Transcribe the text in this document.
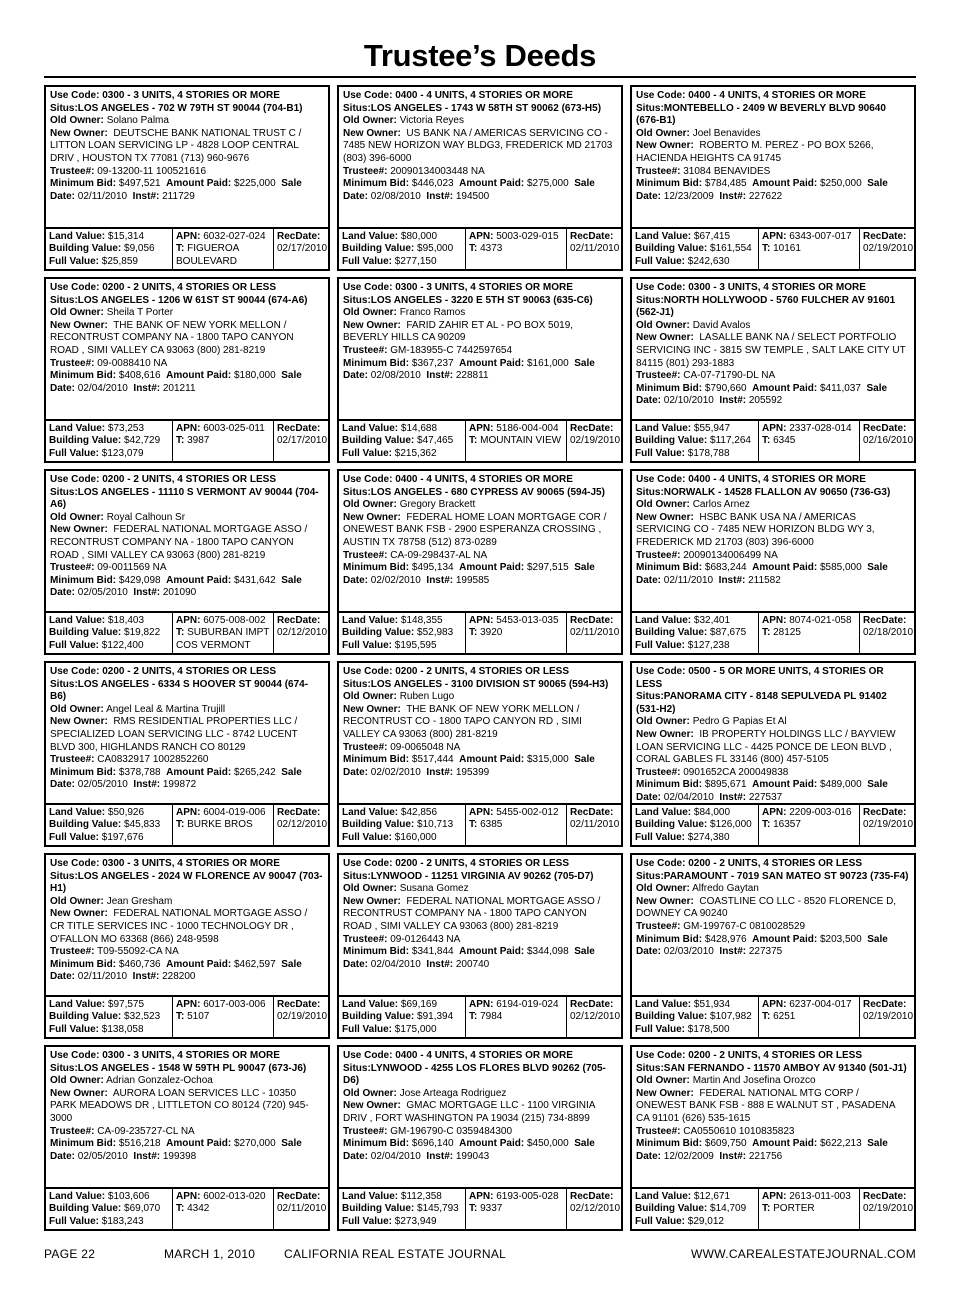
Trustee’s Deeds
Use Code: 0300 - 3 UNITS, 4 STORIES OR MORE
Situs:LOS ANGELES - 702 W 79TH ST 90044 (704-B1)
Old Owner: Solano Palma
New Owner: DEUTSCHE BANK NATIONAL TRUST C / LITTON LOAN SERVICING LP - 4828 LOOP CENTRAL DRIV , HOUSTON TX 77081 (713) 960-9676
Trustee#: 09-13200-11 100521616
Minimum Bid: $497,521 Amount Paid: $225,000 Sale Date: 02/11/2010 Inst#: 211729
Land Value: $15,314
Building Value: $9,056
Full Value: $25,859
APN: 6032-027-024
T: FIGUEROA BOULEVARD
RecDate:
02/17/2010
Use Code: 0400 - 4 UNITS, 4 STORIES OR MORE
Situs:LOS ANGELES - 1743 W 58TH ST 90062 (673-H5)
Old Owner: Victoria Reyes
New Owner: US BANK NA / AMERICAS SERVICING CO - 7485 NEW HORIZON WAY BLDG3, FREDERICK MD 21703 (803) 396-6000
Trustee#: 20090134003448 NA
Minimum Bid: $446,023 Amount Paid: $275,000 Sale Date: 02/08/2010 Inst#: 194500
Land Value: $80,000
Building Value: $95,000
Full Value: $277,150
APN: 5003-029-015
T: 4373
RecDate:
02/11/2010
Use Code: 0400 - 4 UNITS, 4 STORIES OR MORE
Situs:MONTEBELLO - 2409 W BEVERLY BLVD 90640 (676-B1)
Old Owner: Joel Benavides
New Owner: ROBERTO M. PEREZ - PO BOX 5266, HACIENDA HEIGHTS CA 91745
Trustee#: 31084 BENAVIDES
Minimum Bid: $784,485 Amount Paid: $250,000 Sale Date: 12/23/2009 Inst#: 227622
Land Value: $67,415
Building Value: $161,554
Full Value: $242,630
APN: 6343-007-017
T: 10161
RecDate:
02/19/2010
Use Code: 0200 - 2 UNITS, 4 STORIES OR LESS
Situs:LOS ANGELES - 1206 W 61ST ST 90044 (674-A6)
Old Owner: Sheila T Porter
New Owner: THE BANK OF NEW YORK MELLON / RECONTRUST COMPANY NA - 1800 TAPO CANYON ROAD , SIMI VALLEY CA 93063 (800) 281-8219
Trustee#: 09-0088410 NA
Minimum Bid: $408,616 Amount Paid: $180,000 Sale Date: 02/04/2010 Inst#: 201211
Land Value: $73,253
Building Value: $42,729
Full Value: $123,079
APN: 6003-025-011
T: 3987
RecDate:
02/17/2010
Use Code: 0300 - 3 UNITS, 4 STORIES OR MORE
Situs:LOS ANGELES - 3220 E 5TH ST 90063 (635-C6)
Old Owner: Franco Ramos
New Owner: FARID ZAHIR ET AL - PO BOX 5019, BEVERLY HILLS CA 90209
Trustee#: GM-183955-C 7442597654
Minimum Bid: $367,237 Amount Paid: $161,000 Sale Date: 02/08/2010 Inst#: 228811
Land Value: $14,688
Building Value: $47,465
Full Value: $215,362
APN: 5186-004-004
T: MOUNTAIN VIEW
RecDate:
02/19/2010
Use Code: 0300 - 3 UNITS, 4 STORIES OR MORE
Situs:NORTH HOLLYWOOD - 5760 FULCHER AV 91601 (562-J1)
Old Owner: David Avalos
New Owner: LASALLE BANK NA / SELECT PORTFOLIO SERVICING INC - 3815 SW TEMPLE , SALT LAKE CITY UT 84115 (801) 293-1883
Trustee#: CA-07-71790-DL NA
Minimum Bid: $790,660 Amount Paid: $411,037 Sale Date: 02/10/2010 Inst#: 205592
Land Value: $55,947
Building Value: $117,264
Full Value: $178,788
APN: 2337-028-014
T: 6345
RecDate:
02/16/2010
Use Code: 0200 - 2 UNITS, 4 STORIES OR LESS
Situs:LOS ANGELES - 11110 S VERMONT AV 90044 (704-A6)
Old Owner: Royal Calhoun Sr
New Owner: FEDERAL NATIONAL MORTGAGE ASSO / RECONTRUST COMPANY NA - 1800 TAPO CANYON ROAD , SIMI VALLEY CA 93063 (800) 281-8219
Trustee#: 09-0011569 NA
Minimum Bid: $429,098 Amount Paid: $431,642 Sale Date: 02/05/2010 Inst#: 201090
Land Value: $18,403
Building Value: $19,822
Full Value: $122,400
APN: 6075-008-002
T: SUBURBAN IMPT COS VERMONT
RecDate:
02/12/2010
Use Code: 0400 - 4 UNITS, 4 STORIES OR MORE
Situs:LOS ANGELES - 680 CYPRESS AV 90065 (594-J5)
Old Owner: Gregory Brackett
New Owner: FEDERAL HOME LOAN MORTGAGE COR / ONEWEST BANK FSB - 2900 ESPERANZA CROSSING , AUSTIN TX 78758 (512) 873-0289
Trustee#: CA-09-298437-AL NA
Minimum Bid: $495,134 Amount Paid: $297,515 Sale Date: 02/02/2010 Inst#: 199585
Land Value: $148,355
Building Value: $52,983
Full Value: $195,595
APN: 5453-013-035
T: 3920
RecDate:
02/11/2010
Use Code: 0400 - 4 UNITS, 4 STORIES OR MORE
Situs:NORWALK - 14528 FLALLON AV 90650 (736-G3)
Old Owner: Carlos Arnez
New Owner: HSBC BANK USA NA / AMERICAS SERVICING CO - 7485 NEW HORIZON BLDG WY 3, FREDERICK MD 21703 (803) 396-6000
Trustee#: 20090134006499 NA
Minimum Bid: $683,244 Amount Paid: $585,000 Sale Date: 02/11/2010 Inst#: 211582
Land Value: $32,401
Building Value: $87,675
Full Value: $127,238
APN: 8074-021-058
T: 28125
RecDate:
02/18/2010
Use Code: 0200 - 2 UNITS, 4 STORIES OR LESS
Situs:LOS ANGELES - 6334 S HOOVER ST 90044 (674-B6)
Old Owner: Angel Leal & Martina Trujill
New Owner: RMS RESIDENTIAL PROPERTIES LLC / SPECIALIZED LOAN SERVICING LLC - 8742 LUCENT BLVD 300, HIGHLANDS RANCH CO 80129
Trustee#: CA0832917 1002852260
Minimum Bid: $378,788 Amount Paid: $265,242 Sale Date: 02/05/2010 Inst#: 199872
Land Value: $50,926
Building Value: $45,833
Full Value: $197,676
APN: 6004-019-006
T: BURKE BROS
RecDate:
02/12/2010
Use Code: 0200 - 2 UNITS, 4 STORIES OR LESS
Situs:LOS ANGELES - 3100 DIVISION ST 90065 (594-H3)
Old Owner: Ruben Lugo
New Owner: THE BANK OF NEW YORK MELLON / RECONTRUST CO - 1800 TAPO CANYON RD , SIMI VALLEY CA 93063 (800) 281-8219
Trustee#: 09-0065048 NA
Minimum Bid: $517,444 Amount Paid: $315,000 Sale Date: 02/02/2010 Inst#: 195399
Land Value: $42,856
Building Value: $10,713
Full Value: $160,000
APN: 5455-002-012
T: 6385
RecDate:
02/11/2010
Use Code: 0500 - 5 OR MORE UNITS, 4 STORIES OR LESS
Situs:PANORAMA CITY - 8148 SEPULVEDA PL 91402 (531-H2)
Old Owner: Pedro G Papias Et Al
New Owner: IB PROPERTY HOLDINGS LLC / BAYVIEW LOAN SERVICING LLC - 4425 PONCE DE LEON BLVD , CORAL GABLES FL 33146 (800) 457-5105
Trustee#: 0901652CA 200049838
Minimum Bid: $895,671 Amount Paid: $489,000 Sale Date: 02/04/2010 Inst#: 227537
Land Value: $84,000
Building Value: $126,000
Full Value: $274,380
APN: 2209-003-016
T: 16357
RecDate:
02/19/2010
Use Code: 0300 - 3 UNITS, 4 STORIES OR MORE
Situs:LOS ANGELES - 2024 W FLORENCE AV 90047 (703-H1)
Old Owner: Jean Gresham
New Owner: FEDERAL NATIONAL MORTGAGE ASSO / CR TITLE SERVICES INC - 1000 TECHNOLOGY DR , O'FALLON MO 63368 (866) 248-9598
Trustee#: T09-55092-CA NA
Minimum Bid: $460,736 Amount Paid: $462,597 Sale Date: 02/11/2010 Inst#: 228200
Land Value: $97,575
Building Value: $32,523
Full Value: $138,058
APN: 6017-003-006
T: 5107
RecDate:
02/19/2010
Use Code: 0200 - 2 UNITS, 4 STORIES OR LESS
Situs:LYNWOOD - 11251 VIRGINIA AV 90262 (705-D7)
Old Owner: Susana Gomez
New Owner: FEDERAL NATIONAL MORTGAGE ASSO / RECONTRUST COMPANY NA - 1800 TAPO CANYON ROAD , SIMI VALLEY CA 93063 (800) 281-8219
Trustee#: 09-0126443 NA
Minimum Bid: $341,844 Amount Paid: $344,098 Sale Date: 02/04/2010 Inst#: 200740
Land Value: $69,169
Building Value: $91,394
Full Value: $175,000
APN: 6194-019-024
T: 7984
RecDate:
02/12/2010
Use Code: 0200 - 2 UNITS, 4 STORIES OR LESS
Situs:PARAMOUNT - 7019 SAN MATEO ST 90723 (735-F4)
Old Owner: Alfredo Gaytan
New Owner: COASTLINE CO LLC - 8520 FLORENCE D, DOWNEY CA 90240
Trustee#: GM-199767-C 0810028529
Minimum Bid: $428,976 Amount Paid: $203,500 Sale Date: 02/03/2010 Inst#: 227375
Land Value: $51,934
Building Value: $107,982
Full Value: $178,500
APN: 6237-004-017
T: 6251
RecDate:
02/19/2010
Use Code: 0300 - 3 UNITS, 4 STORIES OR MORE
Situs:LOS ANGELES - 1548 W 59TH PL 90047 (673-J6)
Old Owner: Adrian Gonzalez-Ochoa
New Owner: AURORA LOAN SERVICES LLC - 10350 PARK MEADOWS DR , LITTLETON CO 80124 (720) 945-3000
Trustee#: CA-09-235727-CL NA
Minimum Bid: $516,218 Amount Paid: $270,000 Sale Date: 02/05/2010 Inst#: 199398
Land Value: $103,606
Building Value: $69,070
Full Value: $183,243
APN: 6002-013-020
T: 4342
RecDate:
02/11/2010
Use Code: 0400 - 4 UNITS, 4 STORIES OR MORE
Situs:LYNWOOD - 4255 LOS FLORES BLVD 90262 (705-D6)
Old Owner: Jose Arteaga Rodriguez
New Owner: GMAC MORTGAGE LLC - 1100 VIRGINIA DRIV , FORT WASHINGTON PA 19034 (215) 734-8899
Trustee#: GM-196790-C 0359484300
Minimum Bid: $696,140 Amount Paid: $450,000 Sale Date: 02/04/2010 Inst#: 199043
Land Value: $112,358
Building Value: $145,793
Full Value: $273,949
APN: 6193-005-028
T: 9337
RecDate:
02/12/2010
Use Code: 0200 - 2 UNITS, 4 STORIES OR LESS
Situs:SAN FERNANDO - 11570 AMBOY AV 91340 (501-J1)
Old Owner: Martin And Josefina Orozco
New Owner: FEDERAL NATIONAL MTG CORP / ONEWEST BANK FSB - 888 E WALNUT ST , PASADENA CA 91101 (626) 535-1615
Trustee#: CA0550610 1010835823
Minimum Bid: $609,750 Amount Paid: $622,213 Sale Date: 12/02/2009 Inst#: 221756
Land Value: $12,671
Building Value: $14,709
Full Value: $29,012
APN: 2613-011-003
T: PORTER
RecDate:
02/19/2010
PAGE 22	MARCH 1, 2010 CALIFORNIA REAL ESTATE JOURNAL	WWW.CAREALESTATEJOURNAL.COM
